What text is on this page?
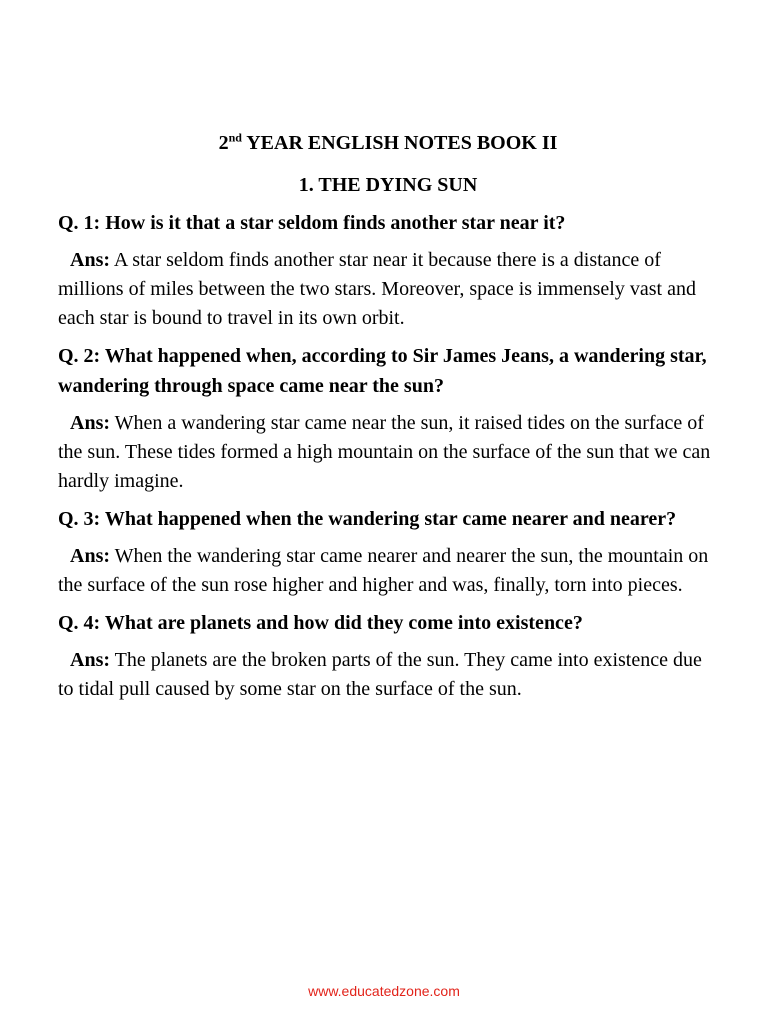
2nd YEAR ENGLISH NOTES BOOK II

1. THE DYING SUN

Q. 1: How is it that a star seldom finds another star near it?

Ans: A star seldom finds another star near it because there is a distance of millions of miles between the two stars. Moreover, space is immensely vast and each star is bound to travel in its own orbit.

Q. 2: What happened when, according to Sir James Jeans, a wandering star, wandering through space came near the sun?

Ans: When a wandering star came near the sun, it raised tides on the surface of the sun. These tides formed a high mountain on the surface of the sun that we can hardly imagine.

Q. 3: What happened when the wandering star came nearer and nearer?

Ans: When the wandering star came nearer and nearer the sun, the mountain on the surface of the sun rose higher and higher and was, finally, torn into pieces.

Q. 4: What are planets and how did they come into existence?

Ans: The planets are the broken parts of the sun. They came into existence due to tidal pull caused by some star on the surface of the sun.

www.educatedzone.com
